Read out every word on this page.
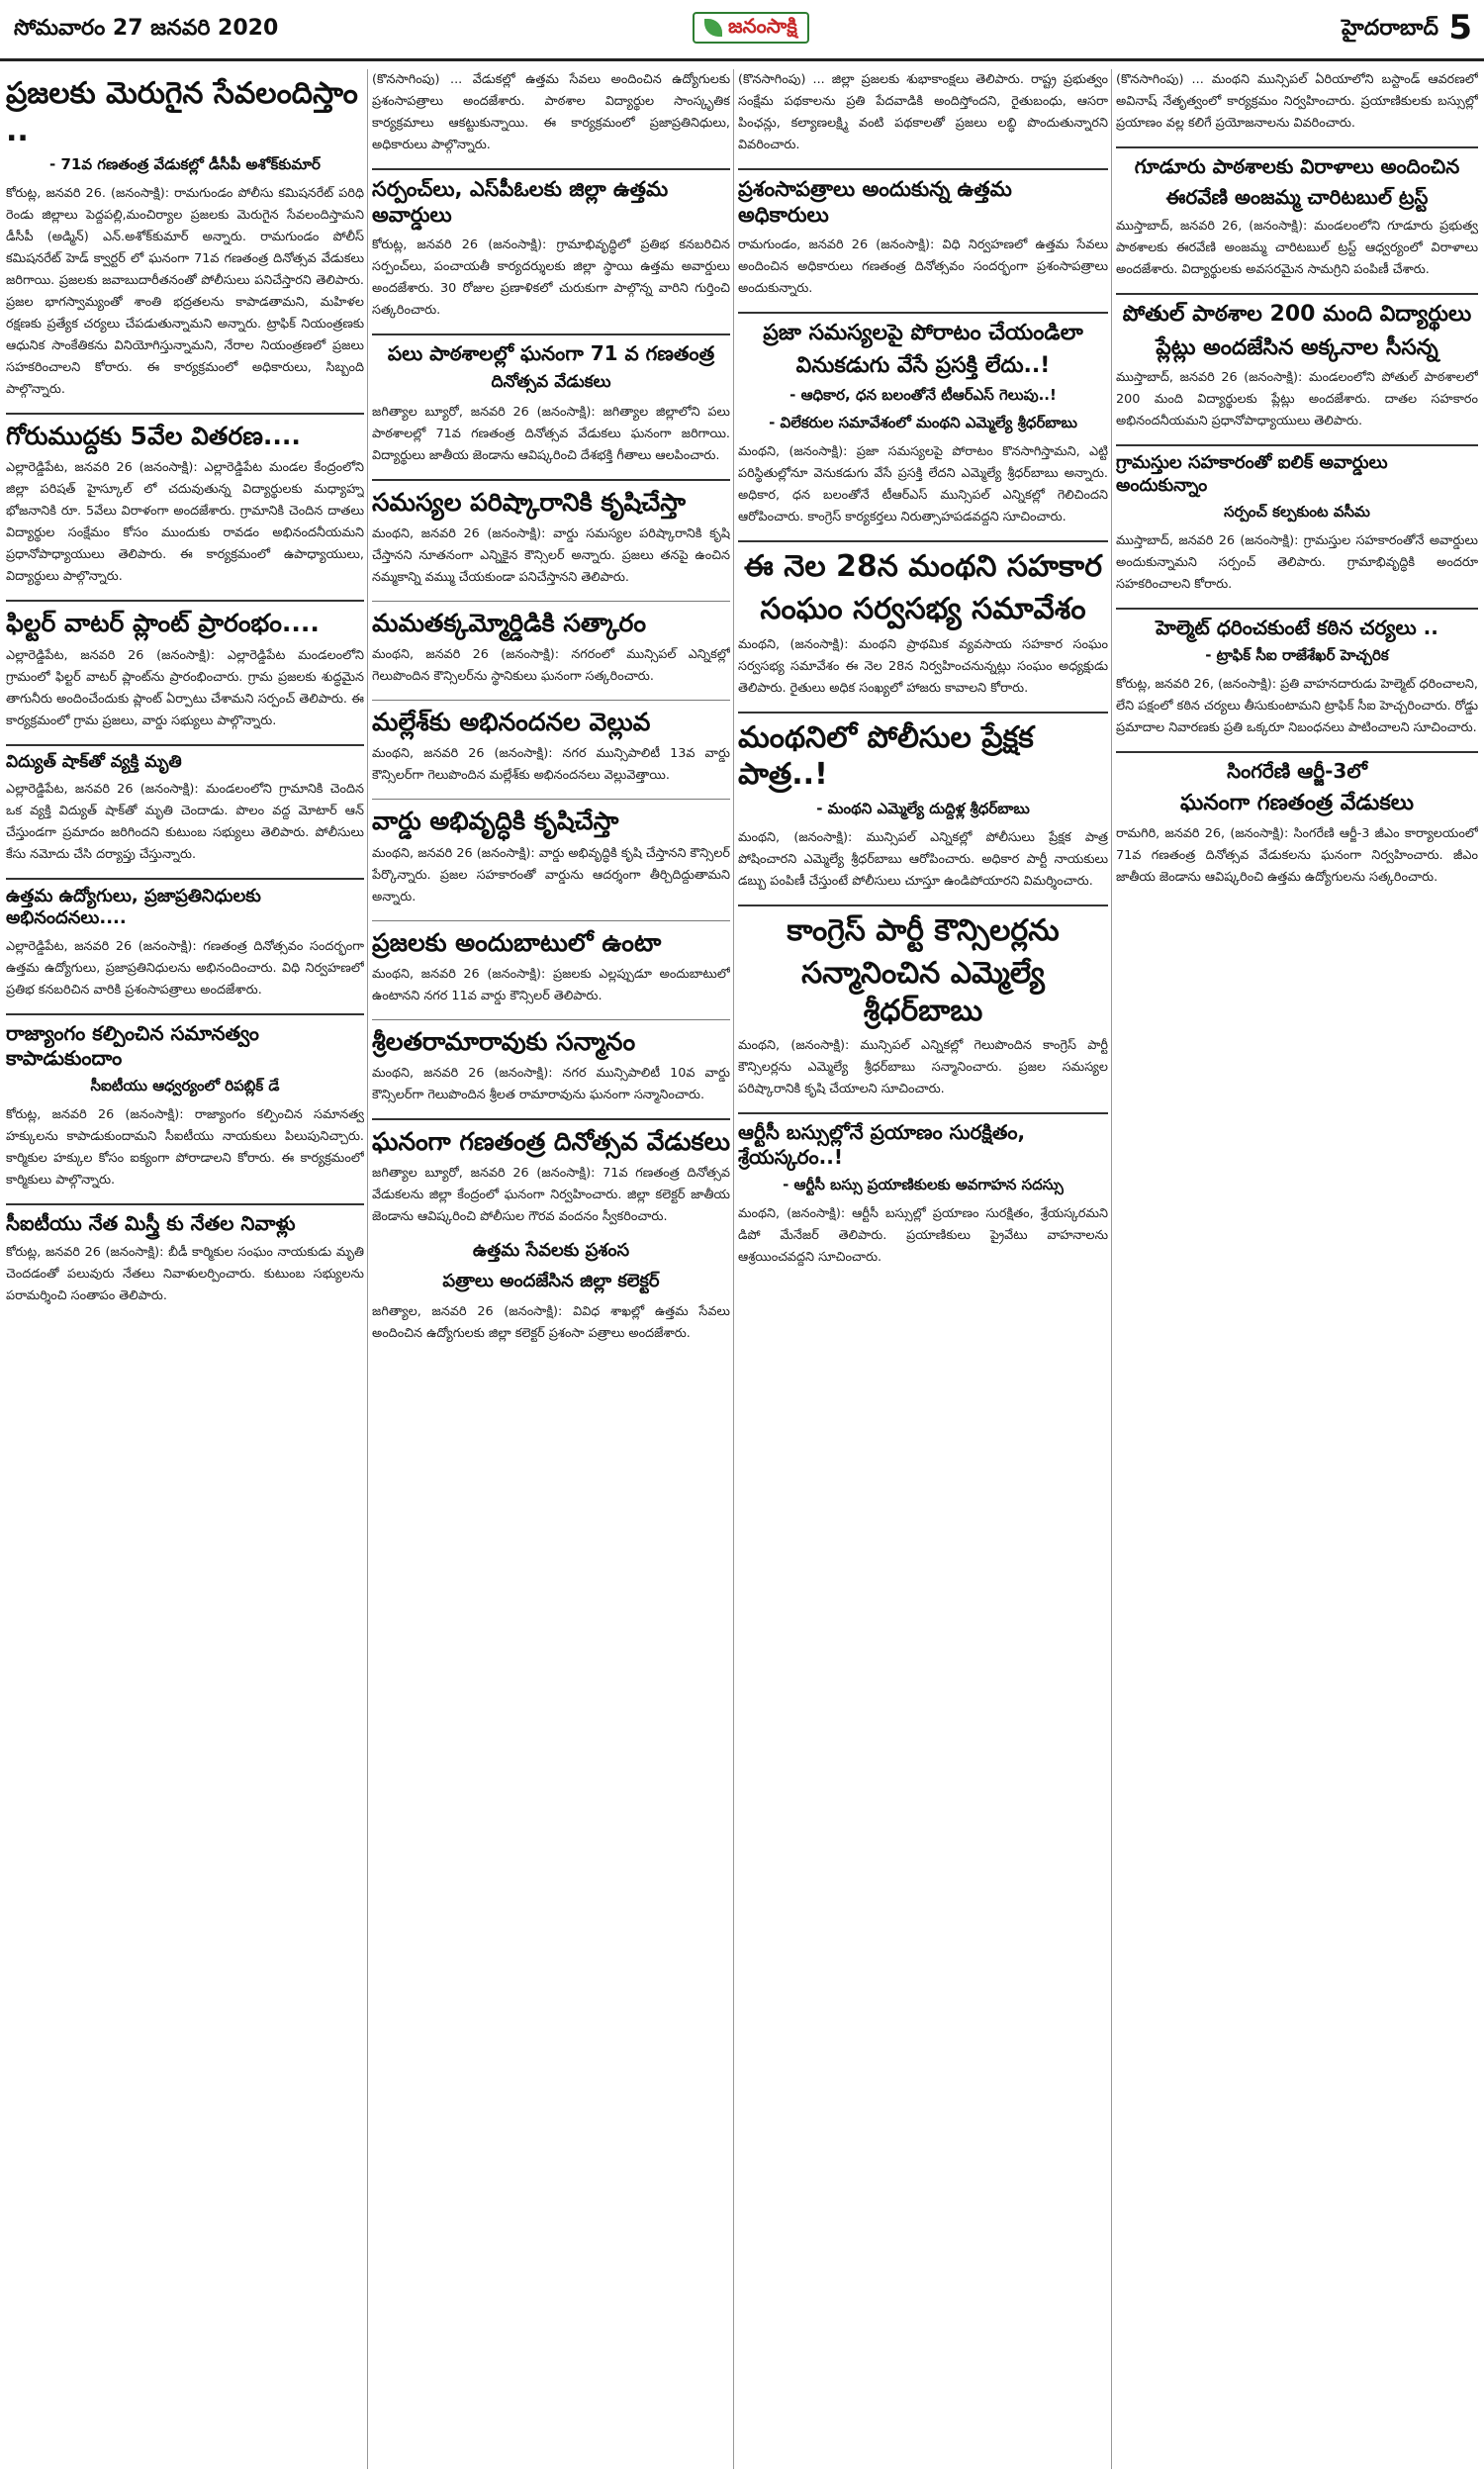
సోమవారం 27 జనవరి 2020	జనంసాక్షి	హైదరాబాద్ 5
ప్రజలకు మెరుగైన సేవలందిస్తాం ..
- 71వ గణతంత్ర వేడుకల్లో డీసీపీ అశోక్‌కుమార్

కోరుట్ల, జనవరి 26. (జనంసాక్షి): రామగుండం పోలీసు కమిషనరేట్ పరిధి రెండు జిల్లాలు పెద్దపల్లి,మంచిర్యాల ప్రజలకు మెరుగైన సేవలందిస్తామని డీసీపీ (అడ్మిన్) ఎన్.అశోక్‌కుమార్ అన్నారు. రామగుండం పోలీస్ కమిషనరేట్ హెడ్ క్వార్టర్ లో ఘనంగా 71వ గణతంత్ర దినోత్సవ వేడుకలు జరిగాయి. ప్రజలకు జవాబుదారీతనంతో పోలీసులు పనిచేస్తారని తెలిపారు. ప్రజల భాగస్వామ్యంతో శాంతి భద్రతలను కాపాడతామని, మహిళల రక్షణకు ప్రత్యేక చర్యలు చేపడుతున్నామని అన్నారు. ట్రాఫిక్ నియంత్రణకు ఆధునిక సాంకేతికను వినియోగిస్తున్నామని, నేరాల నియంత్రణలో ప్రజలు సహకరించాలని కోరారు. ఈ కార్యక్రమంలో అధికారులు, సిబ్బంది పాల్గొన్నారు.

గోరుముద్దకు 5వేల వితరణ....

ఎల్లారెడ్డిపేట, జనవరి 26 (జనంసాక్షి): ఎల్లారెడ్డిపేట మండల కేంద్రంలోని జిల్లా పరిషత్ హైస్కూల్ లో చదువుతున్న విద్యార్థులకు మధ్యాహ్న భోజనానికి రూ. 5వేలు విరాళంగా అందజేశారు. గ్రామానికి చెందిన దాతలు విద్యార్థుల సంక్షేమం కోసం ముందుకు రావడం అభినందనీయమని ప్రధానోపాధ్యాయులు తెలిపారు. ఈ కార్యక్రమంలో ఉపాధ్యాయులు, విద్యార్థులు పాల్గొన్నారు.

ఫిల్టర్ వాటర్ ప్లాంట్ ప్రారంభం....

ఎల్లారెడ్డిపేట, జనవరి 26 (జనంసాక్షి): ఎల్లారెడ్డిపేట మండలంలోని గ్రామంలో ఫిల్టర్ వాటర్ ప్లాంట్‌ను ప్రారంభించారు. గ్రామ ప్రజలకు శుద్ధమైన తాగునీరు అందించేందుకు ప్లాంట్ ఏర్పాటు చేశామని సర్పంచ్ తెలిపారు. ఈ కార్యక్రమంలో గ్రామ ప్రజలు, వార్డు సభ్యులు పాల్గొన్నారు.

విద్యుత్ షాక్‌తో వ్యక్తి మృతి

ఎల్లారెడ్డిపేట, జనవరి 26 (జనంసాక్షి): మండలంలోని గ్రామానికి చెందిన ఒక వ్యక్తి విద్యుత్ షాక్‌తో మృతి చెందాడు. పొలం వద్ద మోటార్ ఆన్ చేస్తుండగా ప్రమాదం జరిగిందని కుటుంబ సభ్యులు తెలిపారు. పోలీసులు కేసు నమోదు చేసి దర్యాప్తు చేస్తున్నారు.

ఉత్తమ ఉద్యోగులు, ప్రజాప్రతినిధులకు అభినందనలు....

ఎల్లారెడ్డిపేట, జనవరి 26 (జనంసాక్షి): గణతంత్ర దినోత్సవం సందర్భంగా ఉత్తమ ఉద్యోగులు, ప్రజాప్రతినిధులను అభినందించారు. విధి నిర్వహణలో ప్రతిభ కనబరిచిన వారికి ప్రశంసాపత్రాలు అందజేశారు.

రాజ్యాంగం కల్పించిన సమానత్వం కాపాడుకుందాం
సీఐటీయు ఆధ్వర్యంలో రిపబ్లిక్ డే

కోరుట్ల, జనవరి 26 (జనంసాక్షి): రాజ్యాంగం కల్పించిన సమానత్వ హక్కులను కాపాడుకుందామని సీఐటీయు నాయకులు పిలుపునిచ్చారు. కార్మికుల హక్కుల కోసం ఐక్యంగా పోరాడాలని కోరారు. ఈ కార్యక్రమంలో కార్మికులు పాల్గొన్నారు.

సీఐటీయు నేత మిస్త్రీ కు నేతల నివాళ్లు

కోరుట్ల, జనవరి 26 (జనంసాక్షి): బీడీ కార్మికుల సంఘం నాయకుడు మృతి చెందడంతో పలువురు నేతలు నివాళులర్పించారు. కుటుంబ సభ్యులను పరామర్శించి సంతాపం తెలిపారు.

(కొనసాగింపు) ... వేడుకల్లో ఉత్తమ సేవలు అందించిన ఉద్యోగులకు ప్రశంసాపత్రాలు అందజేశారు. పాఠశాల విద్యార్థుల సాంస్కృతిక కార్యక్రమాలు ఆకట్టుకున్నాయి. ఈ కార్యక్రమంలో ప్రజాప్రతినిధులు, అధికారులు పాల్గొన్నారు.

సర్పంచ్‌లు, ఎస్‌పీఓలకు జిల్లా ఉత్తమ అవార్డులు

కోరుట్ల, జనవరి 26 (జనంసాక్షి): గ్రామాభివృద్ధిలో ప్రతిభ కనబరిచిన సర్పంచ్‌లు, పంచాయతీ కార్యదర్శులకు జిల్లా స్థాయి ఉత్తమ అవార్డులు అందజేశారు. 30 రోజుల ప్రణాళికలో చురుకుగా పాల్గొన్న వారిని గుర్తించి సత్కరించారు.

పలు పాఠశాలల్లో ఘనంగా 71 వ గణతంత్ర
దినోత్సవ వేడుకలు

జగిత్యాల బ్యూరో, జనవరి 26 (జనంసాక్షి): జగిత్యాల జిల్లాలోని పలు పాఠశాలల్లో 71వ గణతంత్ర దినోత్సవ వేడుకలు ఘనంగా జరిగాయి. విద్యార్థులు జాతీయ జెండాను ఆవిష్కరించి దేశభక్తి గీతాలు ఆలపించారు.

సమస్యల పరిష్కారానికి కృషిచేస్తా

మంథని, జనవరి 26 (జనంసాక్షి): వార్డు సమస్యల పరిష్కారానికి కృషి చేస్తానని నూతనంగా ఎన్నికైన కౌన్సిలర్ అన్నారు. ప్రజలు తనపై ఉంచిన నమ్మకాన్ని వమ్ము చేయకుండా పనిచేస్తానని తెలిపారు.

మమతక్కమ్మోర్డిడికి సత్కారం

మంథని, జనవరి 26 (జనంసాక్షి): నగరంలో మున్సిపల్ ఎన్నికల్లో గెలుపొందిన కౌన్సిలర్‌ను స్థానికులు ఘనంగా సత్కరించారు.

మల్లేశ్‌కు అభినందనల వెల్లువ

మంథని, జనవరి 26 (జనంసాక్షి): నగర మున్సిపాలిటీ 13వ వార్డు కౌన్సిలర్‌గా గెలుపొందిన మల్లేశ్‌కు అభినందనలు వెల్లువెత్తాయి.

వార్డు అభివృద్ధికి కృషిచేస్తా

మంథని, జనవరి 26 (జనంసాక్షి): వార్డు అభివృద్ధికి కృషి చేస్తానని కౌన్సిలర్ పేర్కొన్నారు. ప్రజల సహకారంతో వార్డును ఆదర్శంగా తీర్చిదిద్దుతామని అన్నారు.

ప్రజలకు అందుబాటులో ఉంటా

మంథని, జనవరి 26 (జనంసాక్షి): ప్రజలకు ఎల్లప్పుడూ అందుబాటులో ఉంటానని నగర 11వ వార్డు కౌన్సిలర్ తెలిపారు.

శ్రీలతరామారావుకు సన్మానం

మంథని, జనవరి 26 (జనంసాక్షి): నగర మున్సిపాలిటీ 10వ వార్డు కౌన్సిలర్‌గా గెలుపొందిన శ్రీలత రామారావును ఘనంగా సన్మానించారు.

ఘనంగా గణతంత్ర దినోత్సవ వేడుకలు

జగిత్యాల బ్యూరో, జనవరి 26 (జనంసాక్షి): 71వ గణతంత్ర దినోత్సవ వేడుకలను జిల్లా కేంద్రంలో ఘనంగా నిర్వహించారు. జిల్లా కలెక్టర్ జాతీయ జెండాను ఆవిష్కరించి పోలీసుల గౌరవ వందనం స్వీకరించారు.

ఉత్తమ సేవలకు ప్రశంస
పత్రాలు అందజేసిన జిల్లా కలెక్టర్

జగిత్యాల, జనవరి 26 (జనంసాక్షి): వివిధ శాఖల్లో ఉత్తమ సేవలు అందించిన ఉద్యోగులకు జిల్లా కలెక్టర్ ప్రశంసా పత్రాలు అందజేశారు.

(కొనసాగింపు) ... జిల్లా ప్రజలకు శుభాకాంక్షలు తెలిపారు. రాష్ట్ర ప్రభుత్వం సంక్షేమ పథకాలను ప్రతి పేదవాడికి అందిస్తోందని, రైతుబంధు, ఆసరా పింఛన్లు, కల్యాణలక్ష్మి వంటి పథకాలతో ప్రజలు లబ్ధి పొందుతున్నారని వివరించారు.

ప్రశంసాపత్రాలు అందుకున్న ఉత్తమ అధికారులు

రామగుండం, జనవరి 26 (జనంసాక్షి): విధి నిర్వహణలో ఉత్తమ సేవలు అందించిన అధికారులు గణతంత్ర దినోత్సవం సందర్భంగా ప్రశంసాపత్రాలు అందుకున్నారు.

ప్రజా సమస్యలపై పోరాటం చేయండిలా
వినుకడుగు వేసే ప్రసక్తి లేదు..!
- ఆధికార, ధన బలంతోనే టీఆర్ఎస్ గెలుపు..!
- విలేకరుల సమావేశంలో మంథని ఎమ్మెల్యే శ్రీధర్‌బాబు

మంథని, (జనంసాక్షి): ప్రజా సమస్యలపై పోరాటం కొనసాగిస్తామని, ఎట్టి పరిస్థితుల్లోనూ వెనుకడుగు వేసే ప్రసక్తి లేదని ఎమ్మెల్యే శ్రీధర్‌బాబు అన్నారు. అధికార, ధన బలంతోనే టీఆర్ఎస్ మున్సిపల్ ఎన్నికల్లో గెలిచిందని ఆరోపించారు. కాంగ్రెస్ కార్యకర్తలు నిరుత్సాహపడవద్దని సూచించారు.

ఈ నెల 28న మంథని సహకార
సంఘం సర్వసభ్య సమావేశం

మంథని, (జనంసాక్షి): మంథని ప్రాథమిక వ్యవసాయ సహకార సంఘం సర్వసభ్య సమావేశం ఈ నెల 28న నిర్వహించనున్నట్లు సంఘం అధ్యక్షుడు తెలిపారు. రైతులు అధిక సంఖ్యలో హాజరు కావాలని కోరారు.

మంథనిలో పోలీసుల ప్రేక్షక పాత్ర..!
- మంథని ఎమ్మెల్యే దుద్దిళ్ల శ్రీధర్‌బాబు

మంథని, (జనంసాక్షి): మున్సిపల్ ఎన్నికల్లో పోలీసులు ప్రేక్షక పాత్ర పోషించారని ఎమ్మెల్యే శ్రీధర్‌బాబు ఆరోపించారు. అధికార పార్టీ నాయకులు డబ్బు పంపిణీ చేస్తుంటే పోలీసులు చూస్తూ ఉండిపోయారని విమర్శించారు.

కాంగ్రెస్ పార్టీ కౌన్సిలర్లను
సన్మానించిన ఎమ్మెల్యే శ్రీధర్‌బాబు

మంథని, (జనంసాక్షి): మున్సిపల్ ఎన్నికల్లో గెలుపొందిన కాంగ్రెస్ పార్టీ కౌన్సిలర్లను ఎమ్మెల్యే శ్రీధర్‌బాబు సన్మానించారు. ప్రజల సమస్యల పరిష్కారానికి కృషి చేయాలని సూచించారు.

ఆర్టీసీ బస్సుల్లోనే ప్రయాణం సురక్షితం, శ్రేయస్కరం..!
- ఆర్టీసీ బస్సు ప్రయాణికులకు అవగాహన సదస్సు

మంథని, (జనంసాక్షి): ఆర్టీసీ బస్సుల్లో ప్రయాణం సురక్షితం, శ్రేయస్కరమని డిపో మేనేజర్ తెలిపారు. ప్రయాణికులు ప్రైవేటు వాహనాలను ఆశ్రయించవద్దని సూచించారు.

(కొనసాగింపు) ... మంథని మున్సిపల్ ఏరియాలోని బస్టాండ్ ఆవరణలో అవినాష్ నేతృత్వంలో కార్యక్రమం నిర్వహించారు. ప్రయాణికులకు బస్సుల్లో ప్రయాణం వల్ల కలిగే ప్రయోజనాలను వివరించారు.

గూడూరు పాఠశాలకు విరాళాలు అందించిన
ఈరవేణి అంజమ్మ చారిటబుల్ ట్రస్ట్

ముస్తాబాద్, జనవరి 26, (జనంసాక్షి): మండలంలోని గూడూరు ప్రభుత్వ పాఠశాలకు ఈరవేణి అంజమ్మ చారిటబుల్ ట్రస్ట్ ఆధ్వర్యంలో విరాళాలు అందజేశారు. విద్యార్థులకు అవసరమైన సామగ్రిని పంపిణీ చేశారు.

పోతుల్ పాఠశాల 200 మంది విద్యార్థులు
ప్లేట్లు అందజేసిన అక్కనాల సీసన్న

ముస్తాబాద్, జనవరి 26 (జనంసాక్షి): మండలంలోని పోతుల్ పాఠశాలలో 200 మంది విద్యార్థులకు ప్లేట్లు అందజేశారు. దాతల సహకారం అభినందనీయమని ప్రధానోపాధ్యాయులు తెలిపారు.

గ్రామస్తుల సహకారంతో ఐలిక్ అవార్డులు అందుకున్నాం
సర్పంచ్ కల్పకుంట వసీమ

ముస్తాబాద్, జనవరి 26 (జనంసాక్షి): గ్రామస్తుల సహకారంతోనే అవార్డులు అందుకున్నామని సర్పంచ్ తెలిపారు. గ్రామాభివృద్ధికి అందరూ సహకరించాలని కోరారు.

హెల్మెట్ ధరించకుంటే కఠిన చర్యలు ..
- ట్రాఫిక్ సీఐ రాజేశేఖర్ హెచ్చరిక

కోరుట్ల, జనవరి 26, (జనంసాక్షి): ప్రతి వాహనదారుడు హెల్మెట్ ధరించాలని, లేని పక్షంలో కఠిన చర్యలు తీసుకుంటామని ట్రాఫిక్ సీఐ హెచ్చరించారు. రోడ్డు ప్రమాదాల నివారణకు ప్రతి ఒక్కరూ నిబంధనలు పాటించాలని సూచించారు.

సింగరేణి ఆర్జీ-3లో
ఘనంగా గణతంత్ర వేడుకలు

రామగిరి, జనవరి 26, (జనంసాక్షి): సింగరేణి ఆర్జీ-3 జీఎం కార్యాలయంలో 71వ గణతంత్ర దినోత్సవ వేడుకలను ఘనంగా నిర్వహించారు. జీఎం జాతీయ జెండాను ఆవిష్కరించి ఉత్తమ ఉద్యోగులను సత్కరించారు.
